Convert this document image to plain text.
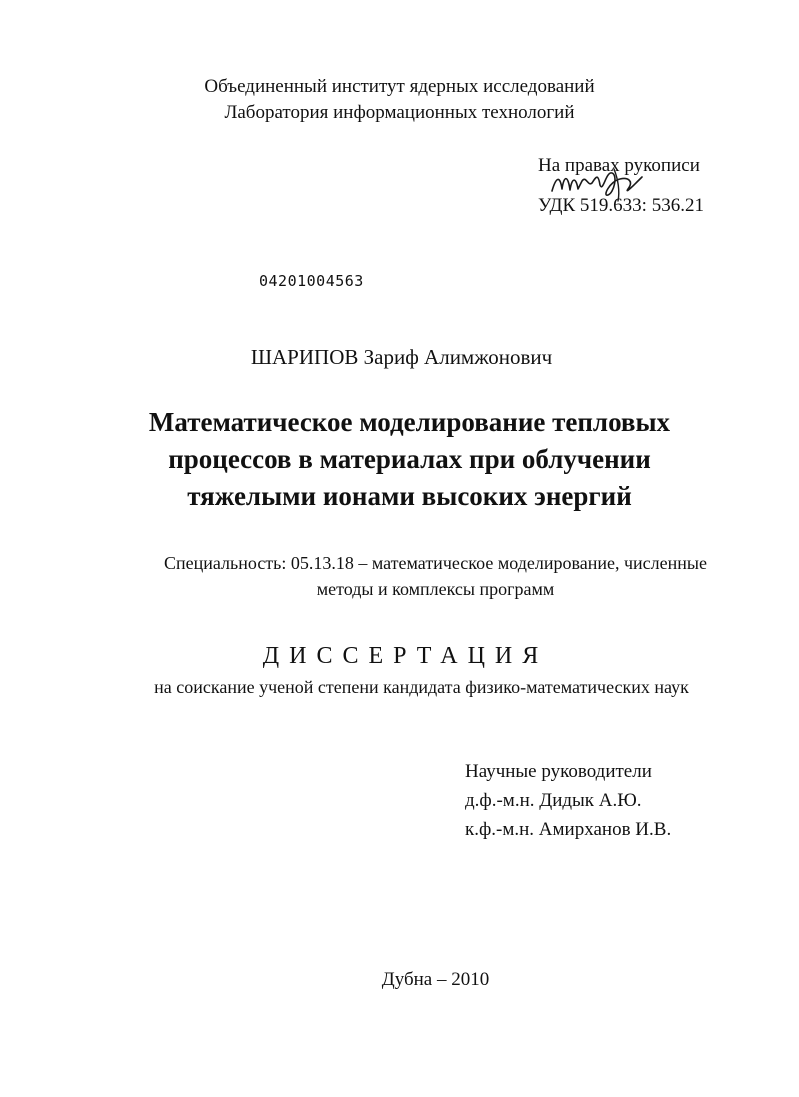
Объединенный институт ядерных исследований
Лаборатория информационных технологий
На правах рукописи
УДК 519.633: 536.21
04201004563
ШАРИПОВ Зариф Алимжонович
Математическое моделирование тепловых
процессов в материалах при облучении
тяжелыми ионами высоких энергий
Специальность: 05.13.18 – математическое моделирование, численные
методы и комплексы программ
ДИССЕРТАЦИЯ
на соискание ученой степени кандидата физико-математических наук
Научные руководители
д.ф.-м.н. Дидык А.Ю.
к.ф.-м.н. Амирханов И.В.
Дубна – 2010
